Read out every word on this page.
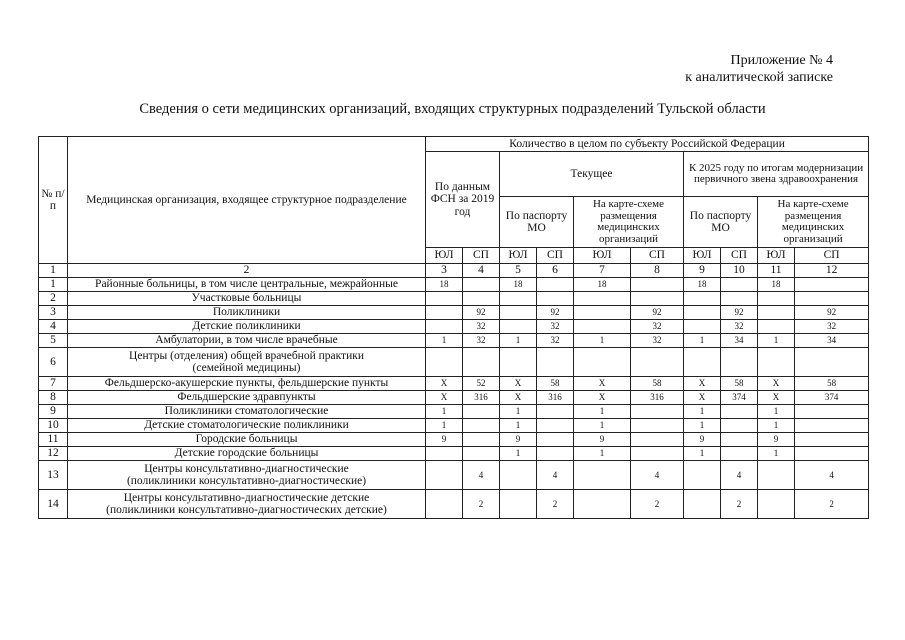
Приложение № 4
к аналитической записке
Сведения о сети медицинских организаций, входящих структурных подразделений Тульской области
№ п/п	Медицинская организация, входящее структурное подразделение	Количество в целом по субъекту Российской Федерации									
		По данным ФСН за 2019 год		Текущее				К 2025 году по итогам модернизации первичного звена здравоохранения			
				По паспорту МО		На карте-схеме размещения медицинских организаций		По паспорту МО		На карте-схеме размещения медицинских организаций	
		ЮЛ	СП	ЮЛ	СП	ЮЛ	СП	ЮЛ	СП	ЮЛ	СП
1	2	3	4	5	6	7	8	9	10	11	12
1	Районные больницы, в том числе центральные, межрайонные	18		18		18		18		18	
2	Участковые больницы										

3	Поликлиники		92		92		92		92		92
4	Детские поликлиники		32		32		32		32		32
5	Амбулатории, в том числе врачебные	1	32	1	32	1	32	1	34	1	34
6	Центры (отделения) общей врачебной практики
(семейной медицины)										

7	Фельдшерско-акушерские пункты, фельдшерские пункты	X	52	X	58	X	58	X	58	X	58
8	Фельдшерские здравпункты	X	316	X	316	X	316	X	374	X	374
9	Поликлиники стоматологические	1		1		1		1		1	
10	Детские стоматологические поликлиники	1		1		1		1		1	
11	Городские больницы	9		9		9		9		9	
12	Детские городские больницы			1		1		1		1	
13	Центры консультативно-диагностические
(поликлиники консультативно-диагностические)		4		4		4		4		4
14	Центры консультативно-диагностические детские
(поликлиники консультативно-диагностических детские)		2		2		2		2		2
